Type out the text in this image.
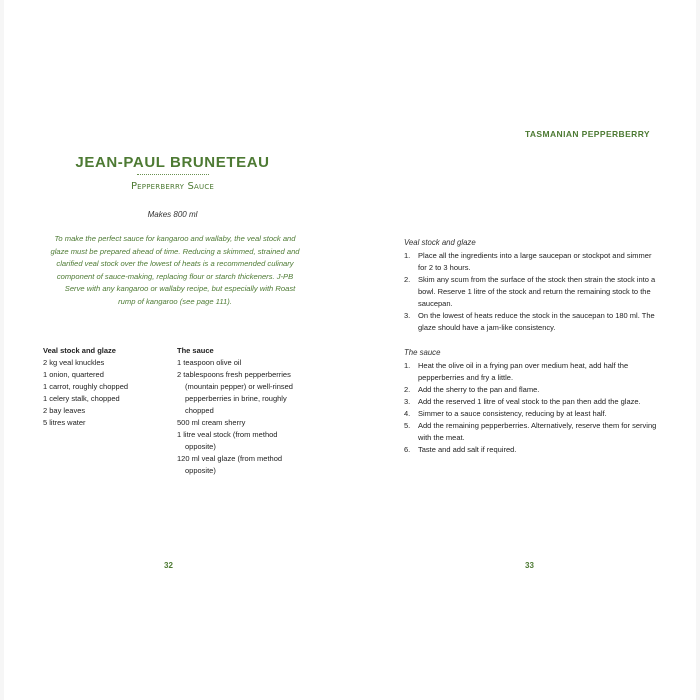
JEAN-PAUL BRUNETEAU
Pepperberry Sauce
Makes 800 ml

To make the perfect sauce for kangaroo and wallaby, the veal stock and glaze must be prepared ahead of time. Reducing a skimmed, strained and clarified veal stock over the lowest of heats is a recommended culinary component of sauce-making, replacing flour or starch thickeners. J-PB

Serve with any kangaroo or wallaby recipe, but especially with Roast rump of kangaroo (see page 111).

Veal stock and glaze
2 kg veal knuckles
1 onion, quartered
1 carrot, roughly chopped
1 celery stalk, chopped
2 bay leaves
5 litres water
The sauce
1 teaspoon olive oil
2 tablespoons fresh pepperberries (mountain pepper) or well-rinsed pepperberries in brine, roughly chopped
500 ml cream sherry
1 litre veal stock (from method opposite)
120 ml veal glaze (from method opposite)
32
TASMANIAN PEPPERBERRY
Veal stock and glaze
1. Place all the ingredients into a large saucepan or stockpot and simmer for 2 to 3 hours.
2. Skim any scum from the surface of the stock then strain the stock into a bowl. Reserve 1 litre of the stock and return the remaining stock to the saucepan.
3. On the lowest of heats reduce the stock in the saucepan to 180 ml. The glaze should have a jam-like consistency.
The sauce
1. Heat the olive oil in a frying pan over medium heat, add half the pepperberries and fry a little.
2. Add the sherry to the pan and flame.
3. Add the reserved 1 litre of veal stock to the pan then add the glaze.
4. Simmer to a sauce consistency, reducing by at least half.
5. Add the remaining pepperberries. Alternatively, reserve them for serving with the meat.
6. Taste and add salt if required.
33
